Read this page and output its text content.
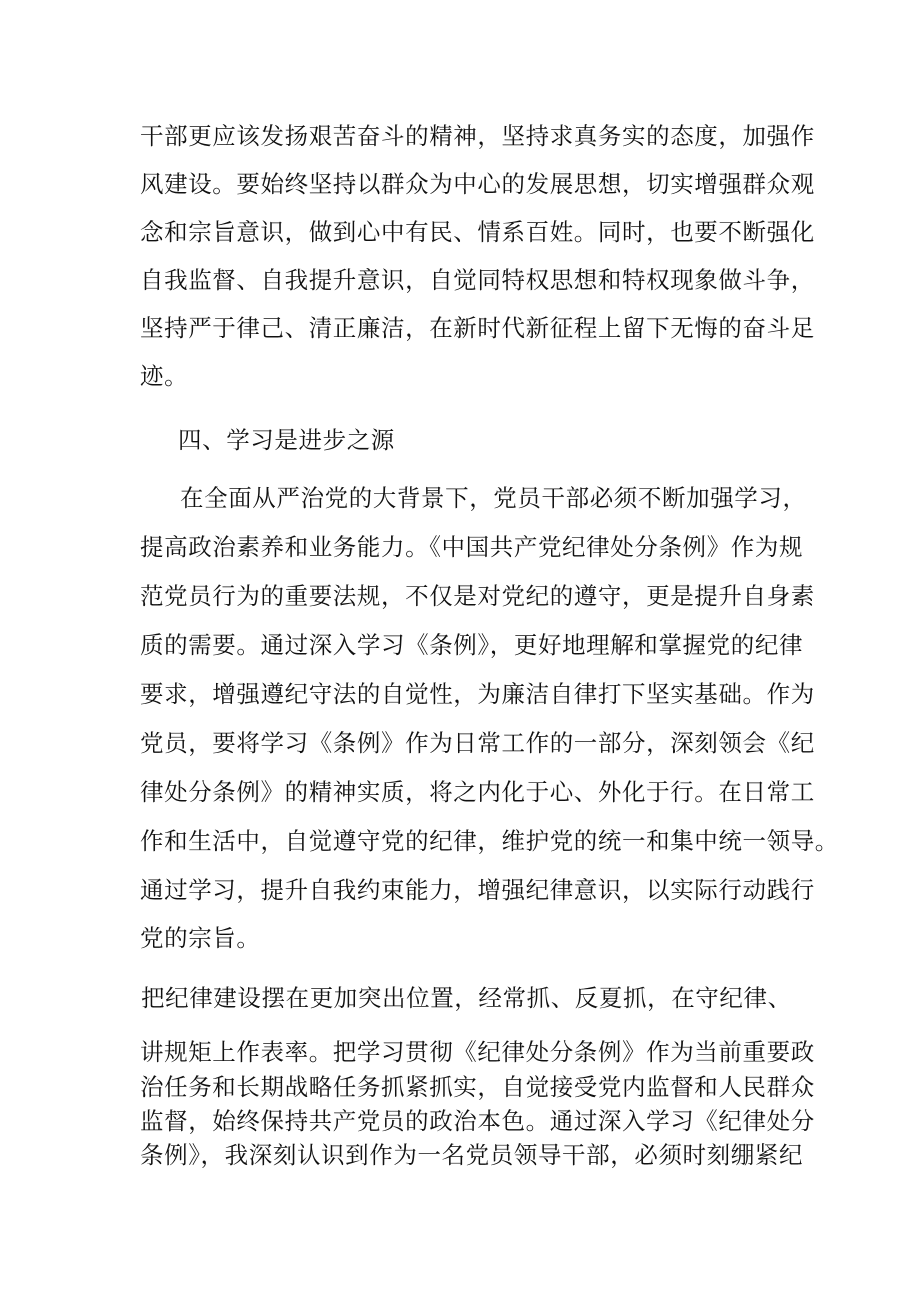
干部更应该发扬艰苦奋斗的精神，坚持求真务实的态度，加强作
风建设。要始终坚持以群众为中心的发展思想，切实增强群众观
念和宗旨意识，做到心中有民、情系百姓。同时，也要不断强化
自我监督、自我提升意识，自觉同特权思想和特权现象做斗争，
坚持严于律己、清正廉洁，在新时代新征程上留下无悔的奋斗足
迹。
四、学习是进步之源
在全面从严治党的大背景下，党员干部必须不断加强学习，
提高政治素养和业务能力。《中国共产党纪律处分条例》作为规
范党员行为的重要法规，不仅是对党纪的遵守，更是提升自身素
质的需要。通过深入学习《条例》，更好地理解和掌握党的纪律
要求，增强遵纪守法的自觉性，为廉洁自律打下坚实基础。作为
党员，要将学习《条例》作为日常工作的一部分，深刻领会《纪
律处分条例》的精神实质，将之内化于心、外化于行。在日常工
作和生活中，自觉遵守党的纪律，维护党的统一和集中统一领导。
通过学习，提升自我约束能力，增强纪律意识，以实际行动践行
党的宗旨。
把纪律建设摆在更加突出位置，经常抓、反夏抓，在守纪律、
讲规矩上作表率。把学习贯彻《纪律处分条例》作为当前重要政
治任务和长期战略任务抓紧抓实，自觉接受党内监督和人民群众
监督，始终保持共产党员的政治本色。通过深入学习《纪律处分
条例》，我深刻认识到作为一名党员领导干部，必须时刻绷紧纪
